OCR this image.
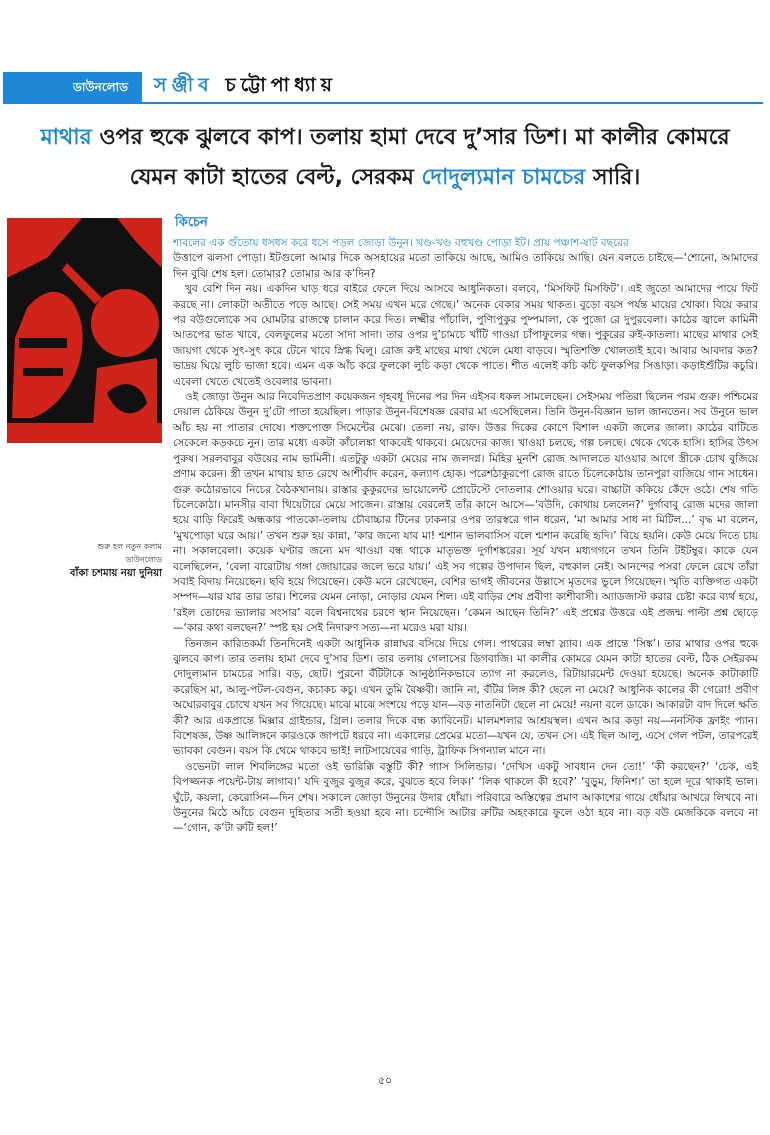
ডাউনলোড	সঞ্জীব চট্টোপাধ্যায়
মাথার ওপর হুকে ঝুলবে কাপ। তলায় হামা দেবে দু’সার ডিশ। মা কালীর কোমরে যেমন কাটা হাতের বেল্ট, সেরকম দোদুল্যমান চামচের সারি।
শুরু হল নতুন কলাম
ডাউনলোড
বাঁকা চশমায় নয়া দুনিয়া
কিচেন
শাবলের এক গুঁতোয় ধসধস করে ধসে পড়ল জোড়া উনুন। খণ্ড-খণ্ড বহুখণ্ড পোড়া ইট। প্রায় পঞ্চাশ-ষাট বছরের

উত্তাপে ঝলসা পোড়া। ইটগুলো আমার দিকে অসহায়ের মতো তাকিয়ে আছে, আমিও তাকিয়ে আছি। যেন বলতে চাইছে—‘শোনো, আমাদের দিন বুঝি শেষ হল। তোমার? তোমার আর ক’দিন?

খুব বেশি দিন নয়। একদিন ঘাড় ধরে বাইরে ফেলে দিয়ে আসবে আধুনিকতা। বলবে, ‘মিসফিট মিসফিট’। এই জুতো আমাদের পায়ে ফিট করছে না। লোকটা অতীতে পড়ে আছে। সেই সময় এখন মরে গেছে।’ অনেক বেকার সময় থাকত। বুড়ো বয়স পর্যন্ত মায়ের খোকা। বিয়ে করার পর বউগুলোকে সব ঘোমটার রাজত্বে চালান করে দিত। লক্ষ্মীর পাঁচালি, পুণ্যিপুকুর পুষ্পমালা, কে পুজো রে দুপুরবেলা। কাঠের জ্বালে কামিনী আতপের ভাত খাবে, বেলফুলের মতো সাদা সাদা। তার ওপর দু’চামচে খাঁটি গাওয়া চাঁপাফুলের গন্ধ। পুকুরের রুই-কাতলা। মাছের মাথার সেই জায়গা থেকে সুৎ-সুৎ করে টেনে খাবে স্নিগ্ধ ঘিলু। রোজ রুই মাছের মাথা খেলে মেধা বাড়বে। স্মৃতিশক্তি খোলতাই হবে। আবার আবদার কত? ভাদ্রয় ঘিয়ে লুচি ভাজা হবে। এমন এক আঁচ করে ফুলকো লুচি কড়া থেকে পাতে। শীত এলেই কচি কচি ফুলকপির সিঙাড়া। কড়াইশুঁটির কচুরি। এবেলা খেতে খেতেই ওবেলার ভাবনা।

ওই জোড়া উনুন আর নিবেদিতপ্রাণ কয়েকজন গৃহবধূ দিনের পর দিন এইসব ধকল সামলেছেন। সেইসময় পতিরা ছিলেন পরম গুরু। পশ্চিমের দেয়াল ঠেকিয়ে উনুন দু’টো পাতা হয়েছিল। পাড়ার উনুন-বিশেষজ্ঞ রেবার মা এসেছিলেন। তিনি উনুন-বিজ্ঞান ভাল জানতেন। সব উনুনে ভাল আঁচ হয় না পাতার দোষে। শক্তপোক্ত সিমেন্টের মেঝে। তেলা নয়, রাফ। উত্তর দিকের কোণে বিশাল একটা জলের জালা। কাঠের বাটিতে সেকেলে কড়কচে নুন। তার মধ্যে একটা কাঁচালঙ্কা থাকবেই থাকবে। মেয়েদের কাজ। খাওয়া চলছে, গল্প চলছে। থেকে থেকে হাসি। হাসির উৎস পুরুষ। সরলবাবুর বউয়ের নাম ভামিনী। এতটুকু একটা মেয়ের নাম জলদগ্ন। মিহির মুনশি রোজ আদালতে যাওয়ার আগে স্ত্রীকে চোখ বুজিয়ে প্রণাম করেন। স্ত্রী তখন মাথায় হাত রেখে আশীর্বাদ করেন, কল্যাণ হোক। পরেশঠাকুরপো রোজ রাতে চিলেকোঠায় তানপুরা বাজিয়ে গান সাধেন। গুরু কঠোরভাবে নিচের বৈঠকখানায়। রাস্তার কুকুরদের ভায়োলেন্ট প্রোটেস্টে দোতলার শোওয়ার ঘরে। বাচ্চাটা ককিয়ে কেঁদে ওঠে। শেষ গতি চিলেকোঠা। মানসীর বাবা থিয়েটারে মেয়ে সাজেন। রাস্তায় বেরলেই তাঁর কানে আসে—‘বউদি, কোথায় চললেন?’ দুর্গাবাবু রোজ মদের জালা হয়ে বাড়ি ফিরেই অন্ধকার পাতকো-তলায় চৌবাচ্চার টিনের ঢাকনার ওপর তারস্বরে গান ধরেন, ‘মা আমার সাধ না মিটিল...’ বৃদ্ধ মা বলেন, ‘মুখপোড়া ঘরে আয়।’ তখন শুরু হয় কান্না, ‘কার জন্যে যাব মা! শ্মশান ভালবাসিস বলে শ্মশান করেছি হৃদি।’ বিয়ে হয়নি। কেউ মেয়ে দিতে চায় না। সকালবেলা। কয়েক ঘণ্টার জন্যে মদ খাওয়া বন্ধ থাকে মাতৃভক্ত দুর্গাশঙ্করের। সূর্য যখন মধ্যগগনে তখন তিনি টইটম্বুর। কাকে যেন বলেছিলেন, ‘বেলা বারোটায় গঙ্গা জোয়ারের জলে ভরে যায়।’ এই সব গল্পের উপাদান ছিল, বহুকাল নেই। আনন্দের পসরা ফেলে রেখে তাঁরা সবাই বিদায় নিয়েছেন। ছবি হয়ে গিয়েছেন। কেউ মনে রেখেছেন, বেশির ভাগই জীবনের উল্লাসে মৃতদের ভুলে গিয়েছেন। স্মৃতি ব্যক্তিগত একটা সম্পদ—যার যার তার তার। শিলের যেমন নোড়া, নোড়ার যেমন শিল। এই বাড়ির শেষ প্রবীণা কাশীবাসী। অ্যাডজাস্ট করার চেষ্টা করে ব্যর্থ হয়ে, ‘রইল তোদের ভ্যালার সংসার’ বলে বিশ্বনাথের চরণে স্থান নিয়েছেন। ‘কেমন আছেন তিনি?’ এই প্রশ্নের উত্তরে এই প্রজন্ম পাল্টা প্রশ্ন ছোড়ে—‘কার কথা বলছেন?’ স্পষ্ট হয় সেই নিদারুণ সত্য—না মরেও মরা যায়।

তিনজন কারিতকর্মা তিনদিনেই একটা আধুনিক রান্নাঘর বসিয়ে দিয়ে গেল। পাথরের লম্বা স্ল্যাব। এক প্রান্তে ‘সিঙ্ক’। তার মাথার ওপর হুকে ঝুলবে কাপ। তার তলায় হামা দেবে দু’সার ডিশ। তার তলায় গেলাসের ডিগবাজি। মা কালীর কোমরে যেমন কাটা হাতের বেল্ট, ঠিক সেইরকম দোদুল্যমান চামচের সারি। বড়, ছোট। পুরনো বঁটিটাকে আনুষ্ঠানিকভাবে ত্যাগ না করলেও, রিটায়ারমেন্ট দেওয়া হয়েছে। অনেক কাটাকাটি করেছিস মা, আলু-পটল-বেগুন, কচাকচ কচু। এখন তুমি বৈষ্ণবী। জানি না, বঁটির লিঙ্গ কী? ছেলে না মেয়ে? আধুনিক কালের কী গেরো! প্রবীণ অঘোরবাবুর চোখে যখন সব গিয়েছে। মাঝে মাঝে সংশয়ে পড়ে যান—বড় নাতনিটা ছেলে না মেয়ে! নয়না বলে ডাকে। আকারটা বাদ দিলে ক্ষতি কী? আর একপ্রান্তে মিক্সার গ্রাইন্ডার, গ্রিল। তলার দিকে বন্ধ ক্যাবিনেট। মালমশলার আশ্রয়স্থল। এখন আর কড়া নয়—ননস্টিক ফ্রাইং প্যান। বিশেষজ্ঞ, উষ্ণ আলিঙ্গনে কারওকে জাপটে ধরবে না। একালের প্রেমের মতো—যখন যে, তখন সে। এই ছিল আলু, এসে গেল পটল, তারপরেই ভ্যাবকা বেগুন। বয়স কি থেমে থাকবে ভাই! লাটসায়েবের গাড়ি, ট্রাফিক সিগন্যাল মানে না।

ওভেনটা লাল শিবলিঙ্গের মতো ওই ভারিক্কি বস্তুটি কী? গ্যাস সিলিন্ডার। ‘দেখিস একটু সাবধান দেন তো!’ ‘কী করছেন?’ ‘চেক, এই বিপজ্জনক পয়েন্ট-টায় লাগাব।’ যদি বুজুর বুজুর করে, বুঝতে হবে লিক।’ ‘লিক থাকলে কী হবে?’ ‘বুড়ুম, ফিনিশ।’ তা হলে দূরে থাকাই ভাল। ঘুঁটে, কয়লা, কেরোসিন—দিন শেষ। সকালে জোড়া উনুনের উদার ধোঁয়া। পরিবারে অস্তিত্বের প্রমাণ আকাশের গায়ে ধোঁয়ার আখরে লিখবে না। উনুনের মিঠে আঁচে বেগুন দুহিতার সতী হওয়া হবে না। চন্দৌসি আটার রুটির অহংকারে ফুলে ওঠা হবে না। বড় বউ মেজকিকে বলবে না—‘গোন, ক’টা রুটি হল!’

৫০
